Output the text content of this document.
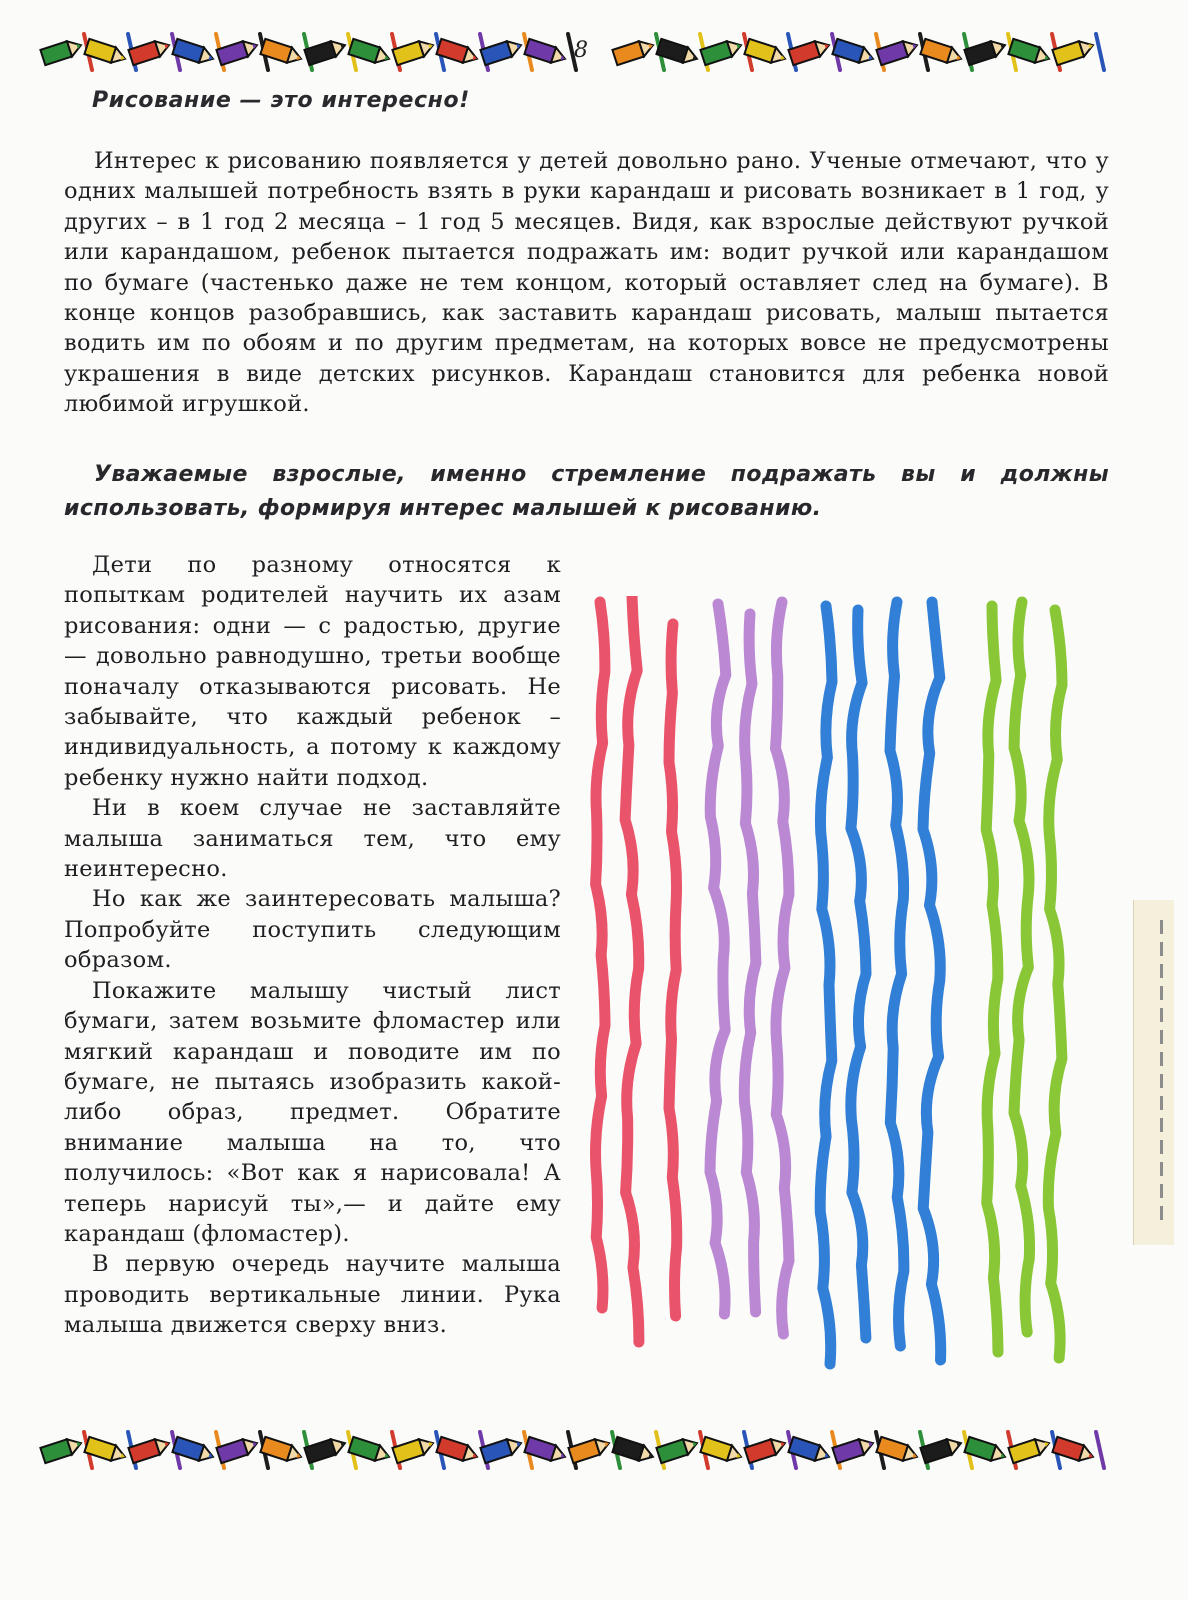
8
Рисование — это интересно!
Интерес к рисованию появляется у детей довольно рано. Ученые отмечают, что у одних малышей потребность взять в руки карандаш и рисовать возникает в 1 год, у других – в 1 год 2 месяца – 1 год 5 месяцев. Видя, как взрослые действуют ручкой или карандашом, ребенок пытается подражать им: водит ручкой или карандашом по бумаге (частенько даже не тем концом, который оставляет след на бумаге). В конце концов разобравшись, как заставить карандаш рисовать, малыш пытается водить им по обоям и по другим предметам, на которых вовсе не предусмотрены украшения в виде детских рисунков. Карандаш становится для ребенка новой любимой игрушкой.
Уважаемые взрослые, именно стремление подражать вы и должны использовать, формируя интерес малышей к рисованию.

Дети по разному относятся к попыткам родителей научить их азам рисования: одни — с радостью, другие — довольно равнодушно, третьи вообще поначалу отказываются рисовать. Не забывайте, что каждый ребенок – индивидуальность, а потому к каждому ребенку нужно найти подход.

Ни в коем случае не заставляйте малыша заниматься тем, что ему неинтересно.

Но как же заинтересовать малыша? Попробуйте поступить следующим образом.

Покажите малышу чистый лист бумаги, затем возьмите фломастер или мягкий карандаш и поводите им по бумаге, не пытаясь изобразить какой-либо образ, предмет. Обратите внимание малыша на то, что получилось: «Вот как я нарисовала! А теперь нарисуй ты»,— и дайте ему карандаш (фломастер).

В первую очередь научите малыша проводить вертикальные линии. Рука малыша движется сверху вниз.
